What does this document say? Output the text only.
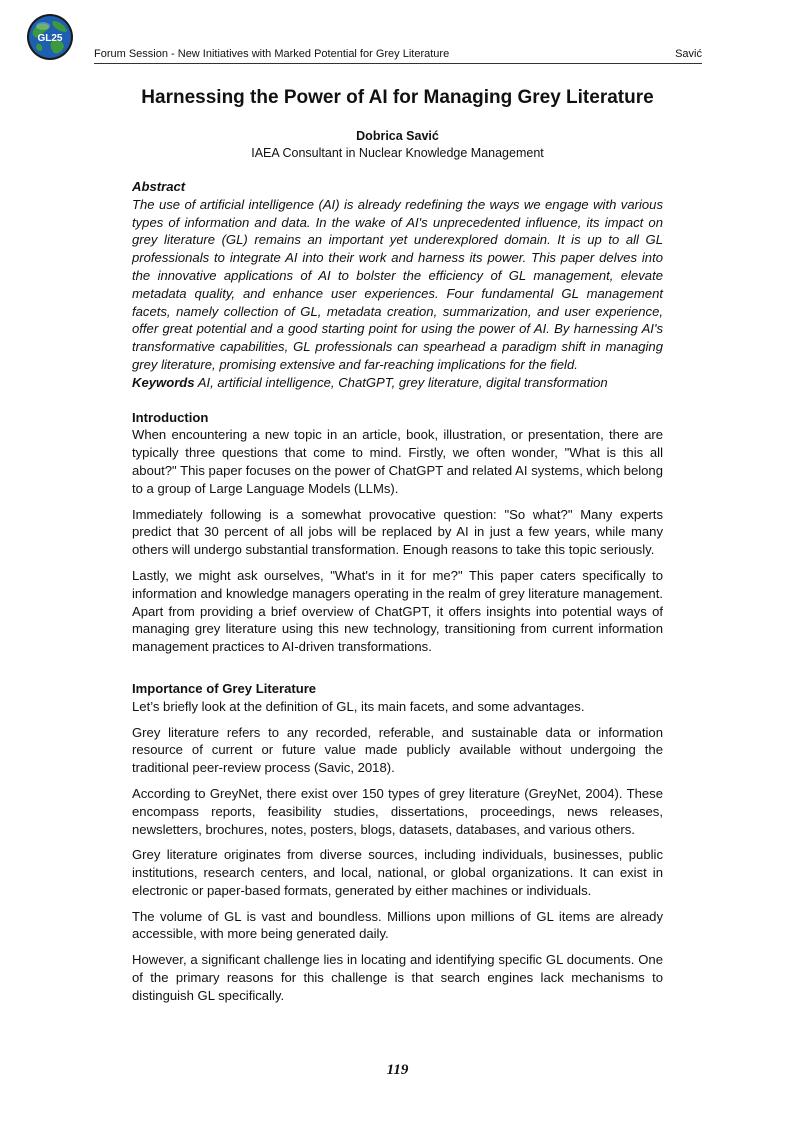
GL25
Forum Session - New Initiatives with Marked Potential for Grey Literature	Savić
Harnessing the Power of AI for Managing Grey Literature
Dobrica Savić
IAEA Consultant in Nuclear Knowledge Management

Abstract

The use of artificial intelligence (AI) is already redefining the ways we engage with various types of information and data. In the wake of AI's unprecedented influence, its impact on grey literature (GL) remains an important yet underexplored domain. It is up to all GL professionals to integrate AI into their work and harness its power. This paper delves into the innovative applications of AI to bolster the efficiency of GL management, elevate metadata quality, and enhance user experiences. Four fundamental GL management facets, namely collection of GL, metadata creation, summarization, and user experience, offer great potential and a good starting point for using the power of AI. By harnessing AI's transformative capabilities, GL professionals can spearhead a paradigm shift in managing grey literature, promising extensive and far-reaching implications for the field.

Keywords AI, artificial intelligence, ChatGPT, grey literature, digital transformation

Introduction

When encountering a new topic in an article, book, illustration, or presentation, there are typically three questions that come to mind. Firstly, we often wonder, "What is this all about?" This paper focuses on the power of ChatGPT and related AI systems, which belong to a group of Large Language Models (LLMs).

Immediately following is a somewhat provocative question: "So what?" Many experts predict that 30 percent of all jobs will be replaced by AI in just a few years, while many others will undergo substantial transformation. Enough reasons to take this topic seriously.

Lastly, we might ask ourselves, "What's in it for me?" This paper caters specifically to information and knowledge managers operating in the realm of grey literature management. Apart from providing a brief overview of ChatGPT, it offers insights into potential ways of managing grey literature using this new technology, transitioning from current information management practices to AI-driven transformations.

Importance of Grey Literature

Let’s briefly look at the definition of GL, its main facets, and some advantages.

Grey literature refers to any recorded, referable, and sustainable data or information resource of current or future value made publicly available without undergoing the traditional peer-review process (Savic, 2018).

According to GreyNet, there exist over 150 types of grey literature (GreyNet, 2004). These encompass reports, feasibility studies, dissertations, proceedings, news releases, newsletters, brochures, notes, posters, blogs, datasets, databases, and various others.

Grey literature originates from diverse sources, including individuals, businesses, public institutions, research centers, and local, national, or global organizations. It can exist in electronic or paper-based formats, generated by either machines or individuals.

The volume of GL is vast and boundless. Millions upon millions of GL items are already accessible, with more being generated daily.

However, a significant challenge lies in locating and identifying specific GL documents. One of the primary reasons for this challenge is that search engines lack mechanisms to distinguish GL specifically.

119
